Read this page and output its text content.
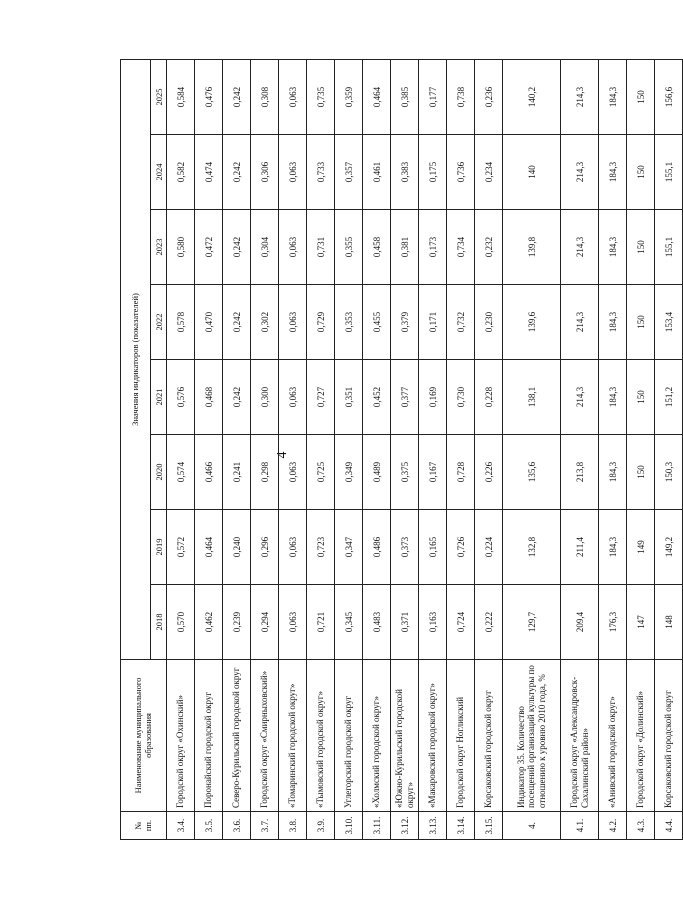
4
№ пп.	Наименование муниципального образования	Значения индикаторов (показателей)							
		2018	2019	2020	2021	2022	2023	2024	2025
3.4.	Городской округ «Охинский»	0,570	0,572	0,574	0,576	0,578	0,580	0,582	0,584
3.5.	Поронайский городской округ	0,462	0,464	0,466	0,468	0,470	0,472	0,474	0,476
3.6.	Северо-Курильский городской округ	0,239	0,240	0,241	0,242	0,242	0,242	0,242	0,242
3.7.	Городской округ «Смирныховский»	0,294	0,296	0,298	0,300	0,302	0,304	0,306	0,308
3.8.	«Томаринский городской округ»	0,063	0,063	0,063	0,063	0,063	0,063	0,063	0,063
3.9.	«Тымовский городской округ»	0,721	0,723	0,725	0,727	0,729	0,731	0,733	0,735
3.10.	Углегорский городской округ	0,345	0,347	0,349	0,351	0,353	0,355	0,357	0,359
3.11.	«Холмский городской округ»	0,483	0,486	0,489	0,452	0,455	0,458	0,461	0,464
3.12.	«Южно-Курильский городской округ»	0,371	0,373	0,375	0,377	0,379	0,381	0,383	0,385
3.13.	«Макаровский городской округ»	0,163	0,165	0,167	0,169	0,171	0,173	0,175	0,177
3.14.	Городской округ Ногликский	0,724	0,726	0,728	0,730	0,732	0,734	0,736	0,738
3.15.	Корсаковский городской округ	0,222	0,224	0,226	0,228	0,230	0,232	0,234	0,236
4.	Индикатор 35. Количество посещений организаций культуры по отношению к уровню 2010 года, %	129,7	132,8	135,6	138,1	139,6	139,8	140	140,2
4.1.	Городской округ «Александровск-Сахалинский район»	209,4	211,4	213,8	214,3	214,3	214,3	214,3	214,3
4.2.	«Анивский городской округ»	176,3	184,3	184,3	184,3	184,3	184,3	184,3	184,3
4.3.	Городской округ «Долинский»	147	149	150	150	150	150	150	150
4.4.	Корсаковский городской округ	148	149,2	150,3	151,2	153,4	155,1	155,1	156,6
